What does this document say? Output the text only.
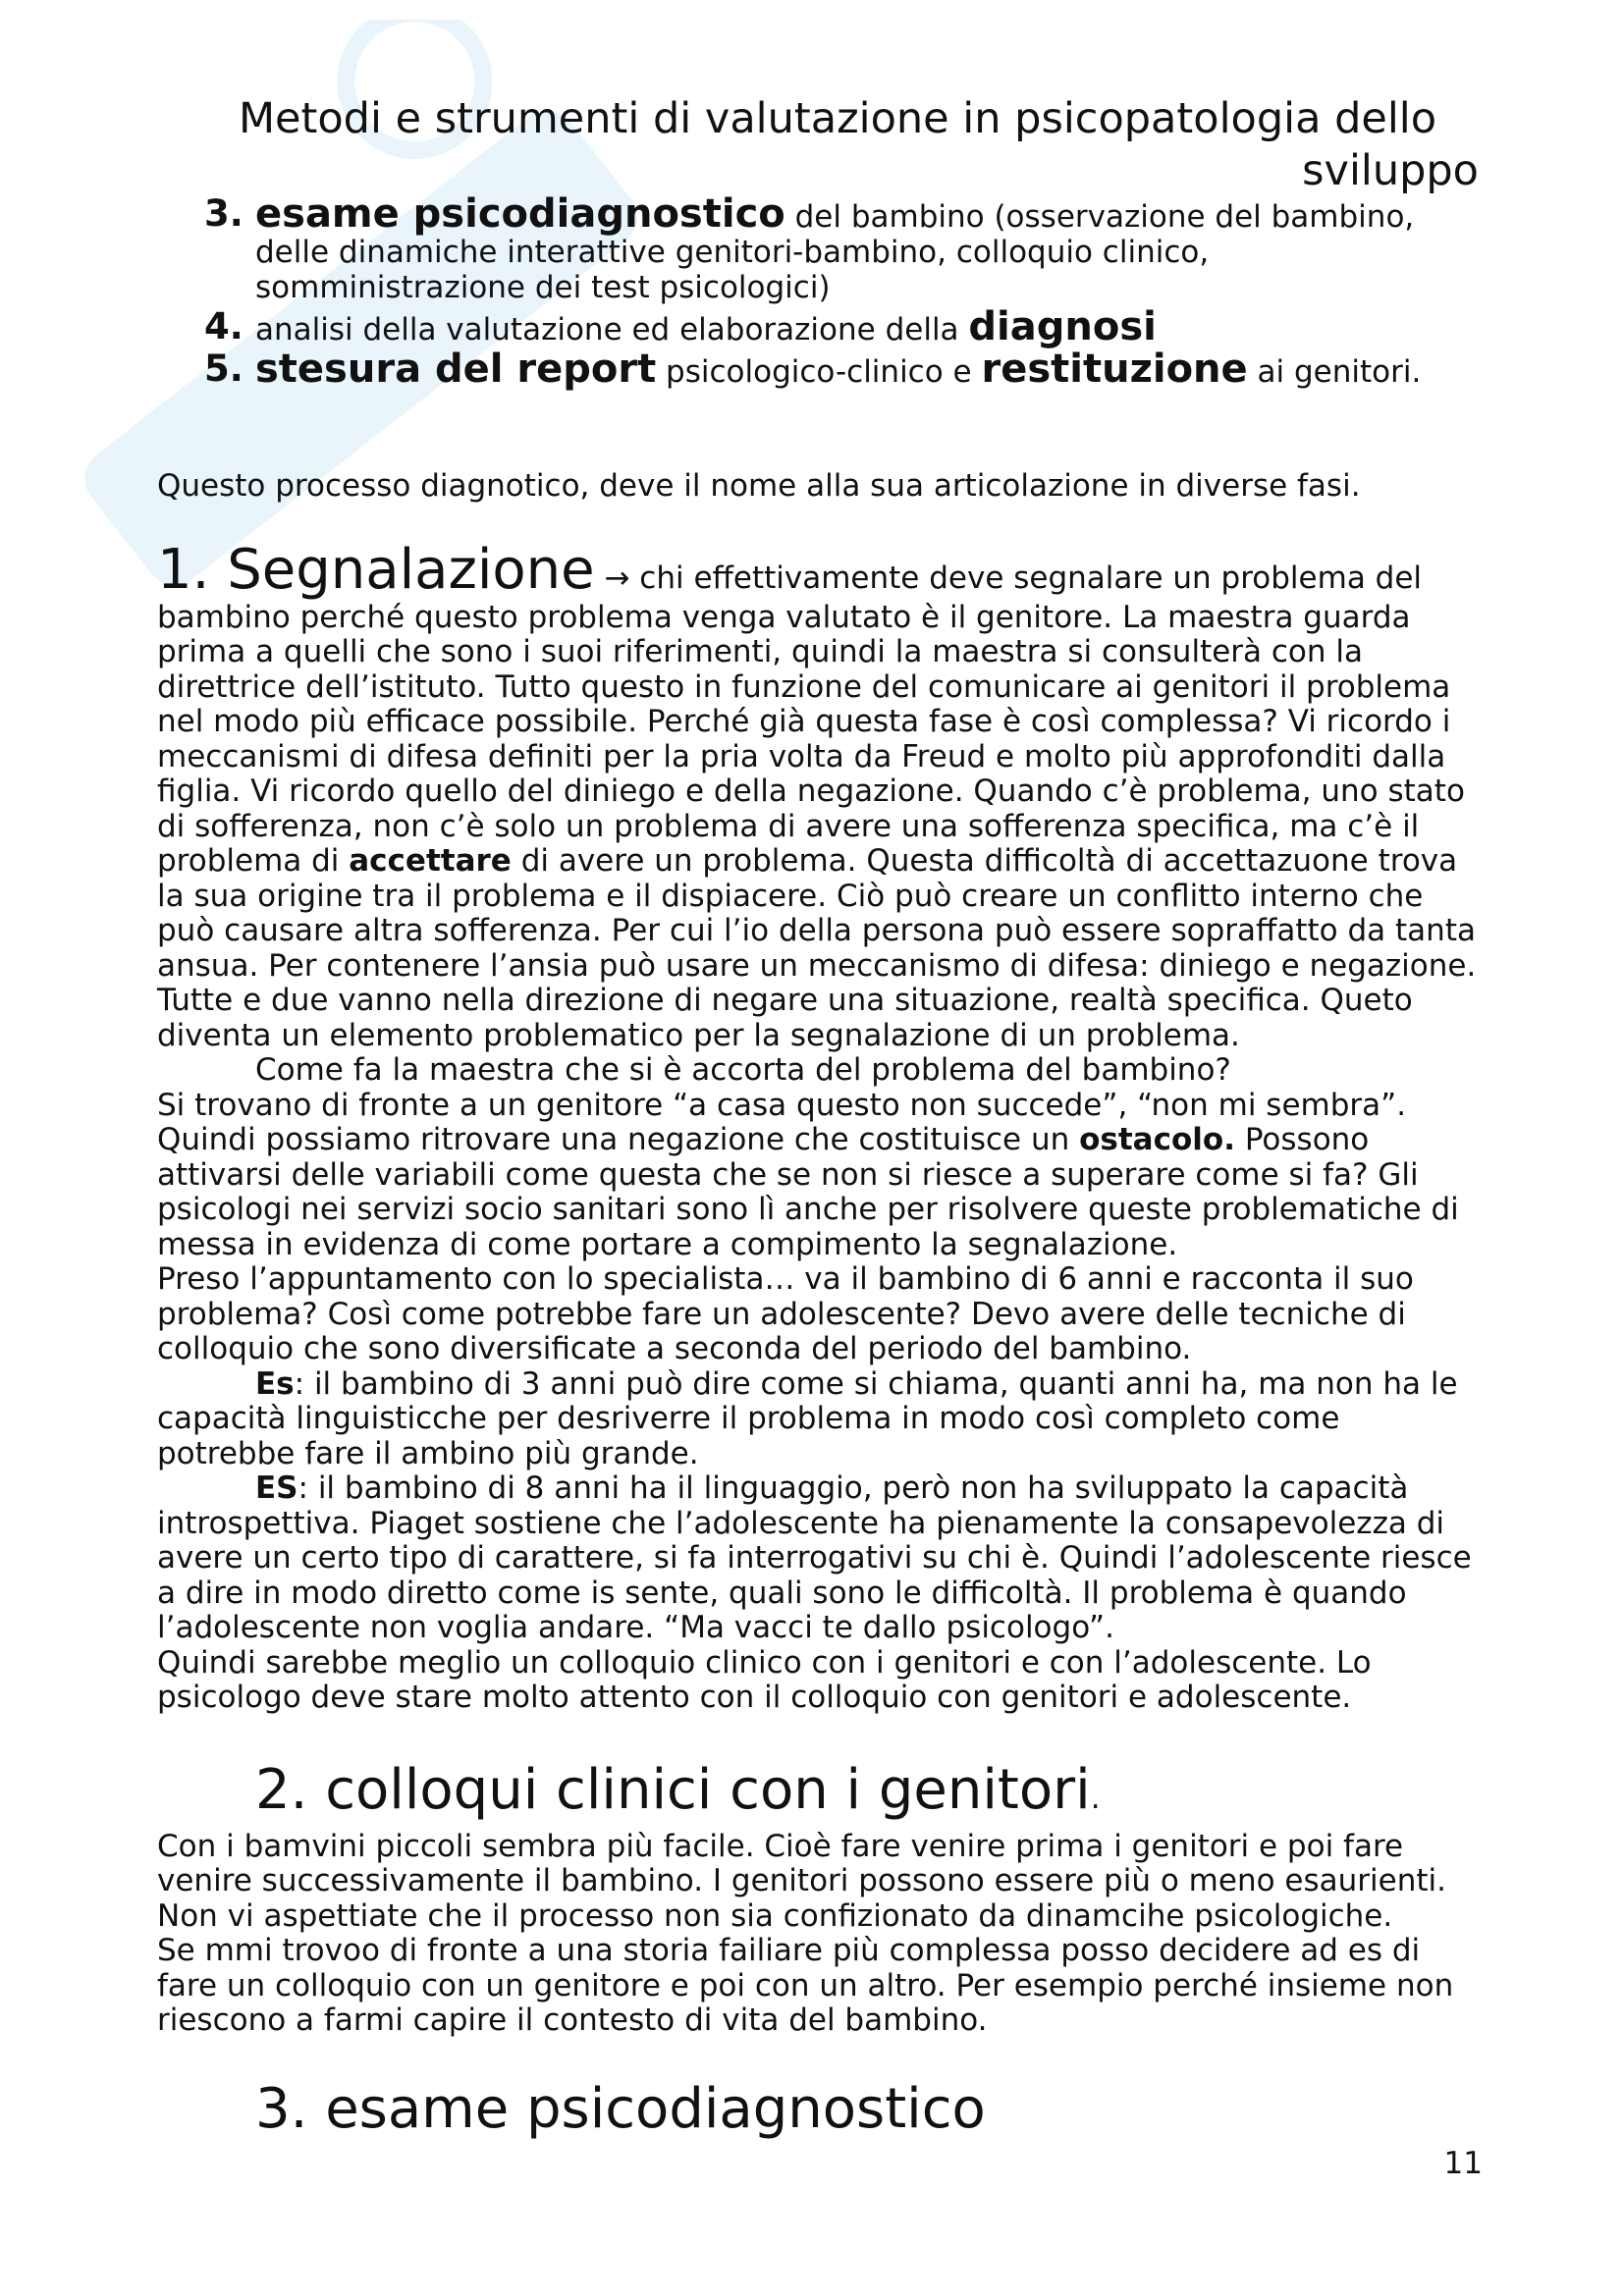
Metodi e strumenti di valutazione in psicopatologia dello sviluppo
3. esame psicodiagnostico del bambino (osservazione del bambino, delle dinamiche interattive genitori-bambino, colloquio clinico, somministrazione dei test psicologici)
4. analisi della valutazione ed elaborazione della diagnosi
5. stesura del report psicologico-clinico e restituzione ai genitori.

Questo processo diagnotico, deve il nome alla sua articolazione in diverse fasi.

1. Segnalazione → chi effettivamente deve segnalare un problema del bambino perché questo problema venga valutato è il genitore. La maestra guarda prima a quelli che sono i suoi riferimenti, quindi la maestra si consulterà con la direttrice dell’istituto. Tutto questo in funzione del comunicare ai genitori il problema nel modo più efficace possibile. Perché già questa fase è così complessa? Vi ricordo i meccanismi di difesa definiti per la pria volta da Freud e molto più approfonditi dalla figlia. Vi ricordo quello del diniego e della negazione. Quando c’è problema, uno stato di sofferenza, non c’è solo un problema di avere una sofferenza specifica, ma c’è il problema di accettare di avere un problema. Questa difficoltà di accettazuone trova la sua origine tra il problema e il dispiacere. Ciò può creare un conflitto interno che può causare altra sofferenza. Per cui l’io della persona può essere sopraffatto da tanta ansua. Per contenere l’ansia può usare un meccanismo di difesa: diniego e negazione. Tutte e due vanno nella direzione di negare una situazione, realtà specifica. Queto diventa un elemento problematico per la segnalazione di un problema.

Come fa la maestra che si è accorta del problema del bambino?

Si trovano di fronte a un genitore “a casa questo non succede”, “non mi sembra”. Quindi possiamo ritrovare una negazione che costituisce un ostacolo. Possono attivarsi delle variabili come questa che se non si riesce a superare come si fa? Gli psicologi nei servizi socio sanitari sono lì anche per risolvere queste problematiche di messa in evidenza di come portare a compimento la segnalazione.

Preso l’appuntamento con lo specialista… va il bambino di 6 anni e racconta il suo problema? Così come potrebbe fare un adolescente? Devo avere delle tecniche di colloquio che sono diversificate a seconda del periodo del bambino.

Es: il bambino di 3 anni può dire come si chiama, quanti anni ha, ma non ha le capacità linguisticche per desriverre il problema in modo così completo come potrebbe fare il ambino più grande.

ES: il bambino di 8 anni ha il linguaggio, però non ha sviluppato la capacità introspettiva. Piaget sostiene che l’adolescente ha pienamente la consapevolezza di avere un certo tipo di carattere, si fa interrogativi su chi è. Quindi l’adolescente riesce a dire in modo diretto come is sente, quali sono le difficoltà. Il problema è quando l’adolescente non voglia andare. “Ma vacci te dallo psicologo”.

Quindi sarebbe meglio un colloquio clinico con i genitori e con l’adolescente. Lo psicologo deve stare molto attento con il colloquio con genitori e adolescente.

2. colloqui clinici con i genitori.

Con i bamvini piccoli sembra più facile. Cioè fare venire prima i genitori e poi fare venire successivamente il bambino. I genitori possono essere più o meno esaurienti. Non vi aspettiate che il processo non sia confizionato da dinamcihe psicologiche.

Se mmi trovoo di fronte a una storia failiare più complessa posso decidere ad es di fare un colloquio con un genitore e poi con un altro. Per esempio perché insieme non riescono a farmi capire il contesto di vita del bambino.

3. esame psicodiagnostico
11
